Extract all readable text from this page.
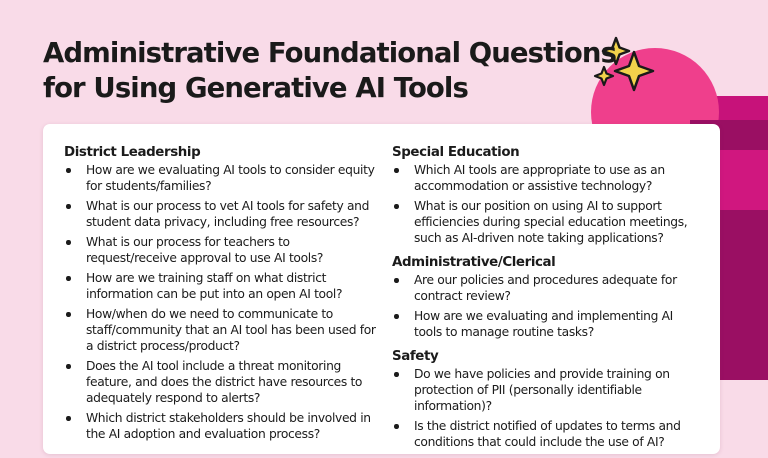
Administrative Foundational Questions
for Using Generative AI Tools
District Leadership
How are we evaluating AI tools to consider equity for students/families?
What is our process to vet AI tools for safety and student data privacy, including free resources?
What is our process for teachers to request/receive approval to use AI tools?
How are we training staff on what district information can be put into an open AI tool?
How/when do we need to communicate to staff/community that an AI tool has been used for a district process/product?
Does the AI tool include a threat monitoring feature, and does the district have resources to adequately respond to alerts?
Which district stakeholders should be involved in the AI adoption and evaluation process?
Special Education
Which AI tools are appropriate to use as an accommodation or assistive technology?
What is our position on using AI to support efficiencies during special education meetings, such as AI-driven note taking applications?
Administrative/Clerical
Are our policies and procedures adequate for contract review?
How are we evaluating and implementing AI tools to manage routine tasks?
Safety
Do we have policies and provide training on protection of PII (personally identifiable information)?
Is the district notified of updates to terms and conditions that could include the use of AI?
